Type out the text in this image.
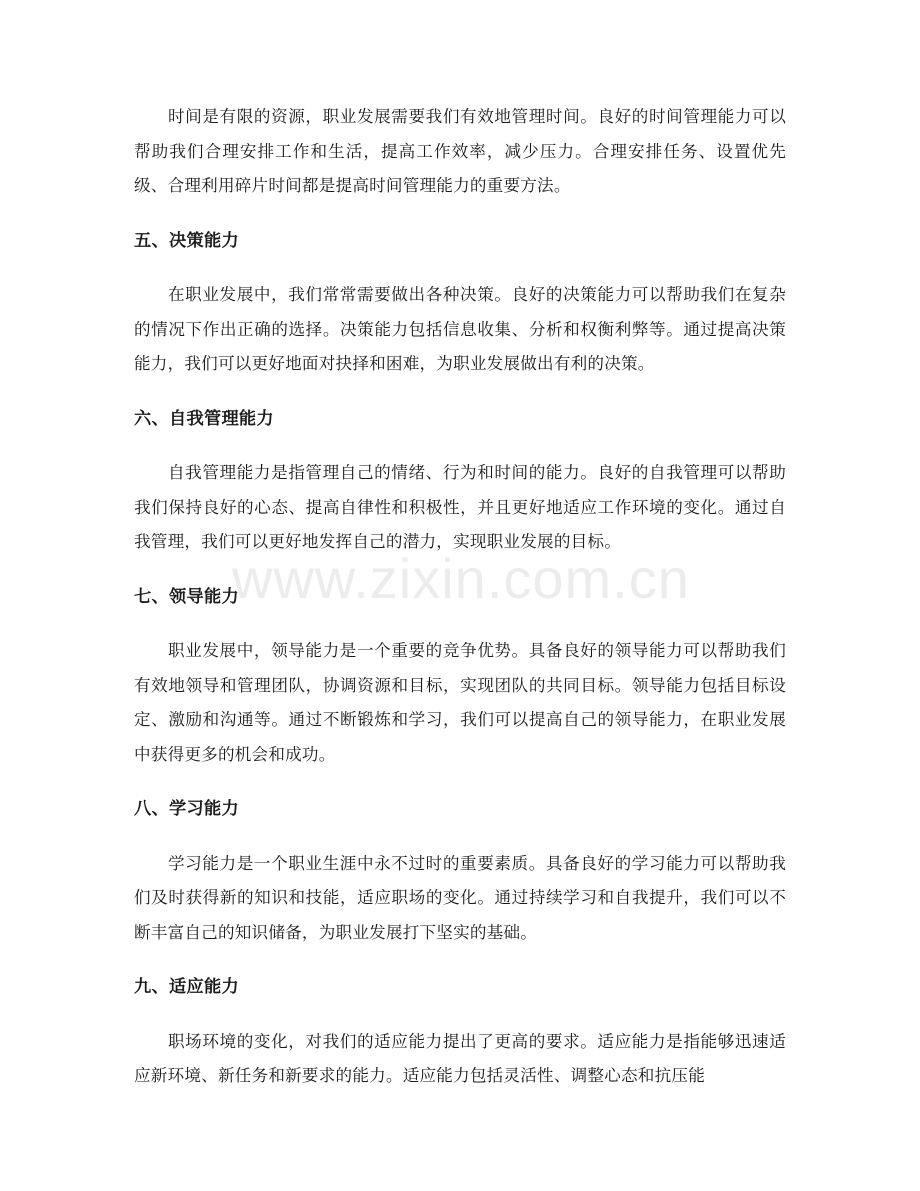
时间是有限的资源，职业发展需要我们有效地管理时间。良好的时间管理能力可以帮助我们合理安排工作和生活，提高工作效率，减少压力。合理安排任务、设置优先级、合理利用碎片时间都是提高时间管理能力的重要方法。

五、决策能力

在职业发展中，我们常常需要做出各种决策。良好的决策能力可以帮助我们在复杂的情况下作出正确的选择。决策能力包括信息收集、分析和权衡利弊等。通过提高决策能力，我们可以更好地面对抉择和困难，为职业发展做出有利的决策。

六、自我管理能力

自我管理能力是指管理自己的情绪、行为和时间的能力。良好的自我管理可以帮助我们保持良好的心态、提高自律性和积极性，并且更好地适应工作环境的变化。通过自我管理，我们可以更好地发挥自己的潜力，实现职业发展的目标。

七、领导能力

职业发展中，领导能力是一个重要的竞争优势。具备良好的领导能力可以帮助我们有效地领导和管理团队，协调资源和目标，实现团队的共同目标。领导能力包括目标设定、激励和沟通等。通过不断锻炼和学习，我们可以提高自己的领导能力，在职业发展中获得更多的机会和成功。

八、学习能力

学习能力是一个职业生涯中永不过时的重要素质。具备良好的学习能力可以帮助我们及时获得新的知识和技能，适应职场的变化。通过持续学习和自我提升，我们可以不断丰富自己的知识储备，为职业发展打下坚实的基础。

九、适应能力

职场环境的变化，对我们的适应能力提出了更高的要求。适应能力是指能够迅速适应新环境、新任务和新要求的能力。适应能力包括灵活性、调整心态和抗压能

www.zixin.com.cn
